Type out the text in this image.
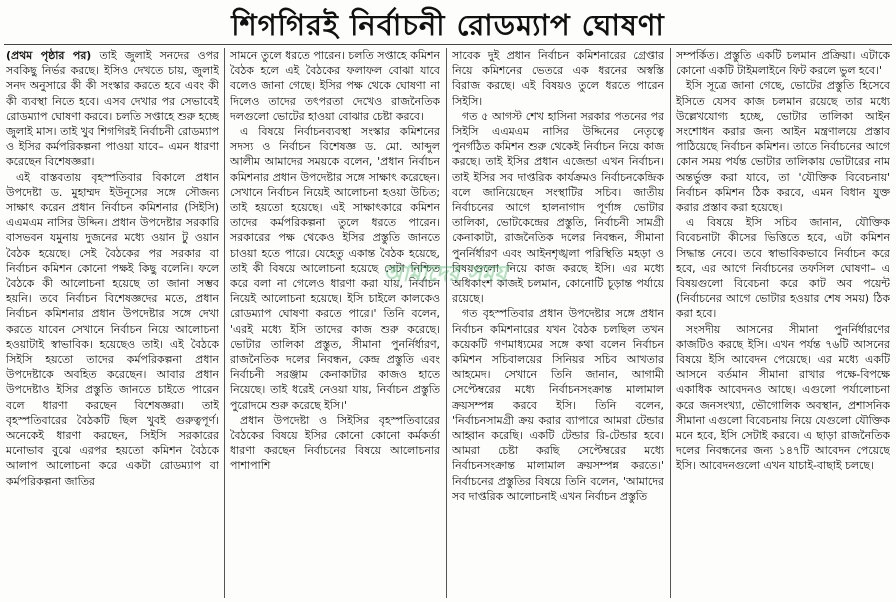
শিগগিরই নির্বাচনী রোডম্যাপ ঘোষণা

(প্রথম পৃষ্ঠার পর) তাই জুলাই সনদের ওপর সবকিছু নির্ভর করছে। ইসিও দেখতে চায়, জুলাই সনদ অনুসারে কী কী সংস্কার করতে হবে এবং কী কী ব্যবস্থা নিতে হবে। এসব দেখার পর সেভাবেই রোডম্যাপ ঘোষণা করবে। চলতি সপ্তাহে শুরু হচ্ছে জুলাই মাস। তাই খুব শিগগিরই নির্বাচনী রোডম্যাপ ও ইসির কর্মপরিকল্পনা পাওয়া যাবে– এমন ধারণা করেছেন বিশেষজ্ঞরা।

এই বাস্তবতায় বৃহস্পতিবার বিকালে প্রধান উপদেষ্টা ড. মুহাম্মদ ইউনূসের সঙ্গে সৌজন্য সাক্ষাৎ করেন প্রধান নির্বাচন কমিশনার (সিইসি) এএমএম নাসির উদ্দিন। প্রধান উপদেষ্টার সরকারি বাসভবন যমুনায় দুজনের মধ্যে ওয়ান টু ওয়ান বৈঠক হয়েছে। সেই বৈঠকের পর সরকার বা নির্বাচন কমিশন কোনো পক্ষই কিছু বলেনি। ফলে বৈঠকে কী আলোচনা হয়েছে তা জানা সম্ভব হয়নি। তবে নির্বাচন বিশেষজ্ঞদের মতে, প্রধান নির্বাচন কমিশনার প্রধান উপদেষ্টার সঙ্গে দেখা করতে যাবেন সেখানে নির্বাচন নিয়ে আলোচনা হওয়াটাই স্বাভাবিক। হয়েছেও তাই। এই বৈঠকে সিইসি হয়তো তাদের কর্মপরিকল্পনা প্রধান উপদেষ্টাকে অবহিত করেছেন। আবার প্রধান উপদেষ্টাও ইসির প্রস্তুতি জানতে চাইতে পারেন বলে ধারণা করছেন বিশেষজ্ঞরা। তাই বৃহস্পতিবারের বৈঠকটি ছিল খুবই গুরুত্বপূর্ণ। অনেকেই ধারণা করছেন, সিইসি সরকারের মনোভাব বুঝে এরপর হয়তো কমিশন বৈঠকে আলাপ আলোচনা করে একটা রোডম্যাপ বা কর্মপরিকল্পনা জাতির

সামনে তুলে ধরতে পারেন। চলতি সপ্তাহে কমিশন বৈঠক হলে এই বৈঠকের ফলাফল বোঝা যাবে বলেও জানা গেছে। ইসির পক্ষ থেকে ঘোষণা না দিলেও তাদের তৎপরতা দেখেও রাজনৈতিক দলগুলো ভোটের হাওয়া বোঝার চেষ্টা করবে।

এ বিষয়ে নির্বাচনব্যবস্থা সংস্কার কমিশনের সদস্য ও নির্বাচন বিশেষজ্ঞ ড. মো. আব্দুল আলীম আমাদের সময়কে বলেন, 'প্রধান নির্বাচন কমিশনার প্রধান উপদেষ্টার সঙ্গে সাক্ষাৎ করেছেন। সেখানে নির্বাচন নিয়েই আলোচনা হওয়া উচিত; তাই হয়তো হয়েছে। এই সাক্ষাৎকারে কমিশন তাদের কর্মপরিকল্পনা তুলে ধরতে পারেন। সরকারের পক্ষ থেকেও ইসির প্রস্তুতি জানতে চাওয়া হতে পারে। যেহেতু একান্ত বৈঠক হয়েছে, তাই কী বিষয়ে আলোচনা হয়েছে সেটা নিশ্চিত করে বলা না গেলেও ধারণা করা যায়, নির্বাচন নিয়েই আলোচনা হয়েছে। ইসি চাইলে কালকেও রোডম্যাপ ঘোষণা করতে পারে।' তিনি বলেন, 'এরই মধ্যে ইসি তাদের কাজ শুরু করেছে। ভোটার তালিকা প্রস্তুত, সীমানা পুনর্নির্ধারণ, রাজনৈতিক দলের নিবন্ধন, কেন্দ্র প্রস্তুতি এবং নির্বাচনী সরঞ্জাম কেনাকাটার কাজও হাতে নিয়েছে। তাই ধরেই নেওয়া যায়, নির্বাচন প্রস্তুতি পুরোদমে শুরু করেছে ইসি।'

প্রধান উপদেষ্টা ও সিইসির বৃহস্পতিবারের বৈঠকের বিষয়ে ইসির কোনো কোনো কর্মকর্তা ধারণা করছেন নির্বাচনের বিষয়ে আলোচনার পাশাপাশি

সাবেক দুই প্রধান নির্বাচন কমিশনারের গ্রেপ্তার নিয়ে কমিশনের ভেতরে এক ধরনের অস্বস্তি বিরাজ করছে। এই বিষয়ও তুলে ধরতে পারেন সিইসি।

গত ৫ আগস্ট শেখ হাসিনা সরকার পতনের পর সিইসি এএমএম নাসির উদ্দিনের নেতৃত্বে পুনর্গঠিত কমিশন শুরু থেকেই নির্বাচন নিয়ে কাজ করছে। তাই ইসির প্রধান এজেন্ডা এখন নির্বাচন। তাই ইসির সব দাপ্তরিক কার্যক্রমও নির্বাচনকেন্দ্রিক বলে জানিয়েছেন সংস্থাটির সচিব। জাতীয় নির্বাচনের আগে হালনাগাদ পূর্ণাঙ্গ ভোটার তালিকা, ভোটকেন্দ্রের প্রস্তুতি, নির্বাচনী সামগ্রী কেনাকাটা, রাজনৈতিক দলের নিবন্ধন, সীমানা পুনর্নির্ধারণ এবং আইনশৃঙ্খলা পরিস্থিতি মহড়া ও বিষয়গুলো নিয়ে কাজ করছে ইসি। এর মধ্যে অধিকাংশ কাজই চলমান, কোনোটি চূড়ান্ত পর্যায়ে রয়েছে।

গত বৃহস্পতিবার প্রধান উপদেষ্টার সঙ্গে প্রধান নির্বাচন কমিশনারের যখন বৈঠক চলছিল তখন কয়েকটি গণমাধ্যমের সঙ্গে কথা বলেন নির্বাচন কমিশন সচিবালয়ের সিনিয়র সচিব আখতার আহমেদ। সেখানে তিনি জানান, আগামী সেপ্টেম্বরের মধ্যে নির্বাচনসংক্রান্ত মালামাল ক্রয়সম্পন্ন করবে ইসি। তিনি বলেন, 'নির্বাচনসামগ্রী ক্রয় করার ব্যাপারে আমরা টেন্ডার আহ্বান করেছি। একটি টেন্ডার রি-টেন্ডার হবে। আমরা চেষ্টা করছি সেপ্টেম্বরের মধ্যে নির্বাচনসংক্রান্ত মালামাল ক্রয়সম্পন্ন করতে।' নির্বাচনের প্রস্তুতির বিষয়ে তিনি বলেন, 'আমাদের সব দাপ্তরিক আলোচনাই এখন নির্বাচন প্রস্তুতি

সম্পর্কিত। প্রস্তুতি একটি চলমান প্রক্রিয়া। এটাকে কোনো একটি টাইমলাইনে ফিট করলে ভুল হবে।'

ইসি সূত্রে জানা গেছে, ভোটের প্রস্তুতি হিসেবে ইসিতে যেসব কাজ চলমান রয়েছে তার মধ্যে উল্লেখযোগ্য হচ্ছে, ভোটার তালিকা আইন সংশোধন করার জন্য আইন মন্ত্রণালয়ে প্রস্তাব পাঠিয়েছে নির্বাচন কমিশন। তাতে নির্বাচনের আগে কোন সময় পর্যন্ত ভোটার তালিকায় ভোটারের নাম অন্তর্ভুক্ত করা যাবে, তা 'যৌক্তিক বিবেচনায়' নির্বাচন কমিশন ঠিক করবে, এমন বিধান যুক্ত করার প্রস্তাব করা হয়েছে।

এ বিষয়ে ইসি সচিব জানান, যৌক্তিক বিবেচনাটা কীসের ভিত্তিতে হবে, এটা কমিশন সিদ্ধান্ত নেবে। তবে স্বাভাবিকভাবে নির্বাচন করে হবে, এর আগে নির্বাচনের তফসিল ঘোষণা– এ বিষয়গুলো বিবেচনা করে কাট অব পয়েন্ট (নির্বাচনের আগে ভোটার হওয়ার শেষ সময়) ঠিক করা হবে।

সংসদীয় আসনের সীমানা পুনর্নির্ধারণের কাজটিও করছে ইসি। এখন পর্যন্ত ৭৬টি আসনের বিষয়ে ইসি আবেদন পেয়েছে। এর মধ্যে একটি আসনে বর্তমান সীমানা রাখার পক্ষে-বিপক্ষে একাধিক আবেদনও আছে। এগুলো পর্যালোচনা করে জনসংখ্যা, ভৌগোলিক অবস্থান, প্রশাসনিক সীমানা এগুলো বিবেচনায় নিয়ে যেগুলো যৌক্তিক মনে হবে, ইসি সেটাই করবে। এ ছাড়া রাজনৈতিক দলের নিবন্ধনের জন্য ১৪৭টি আবেদন পেয়েছে ইসি। আবেদনগুলো এখন যাচাই-বাছাই চলছে।

আমাদের সময়
